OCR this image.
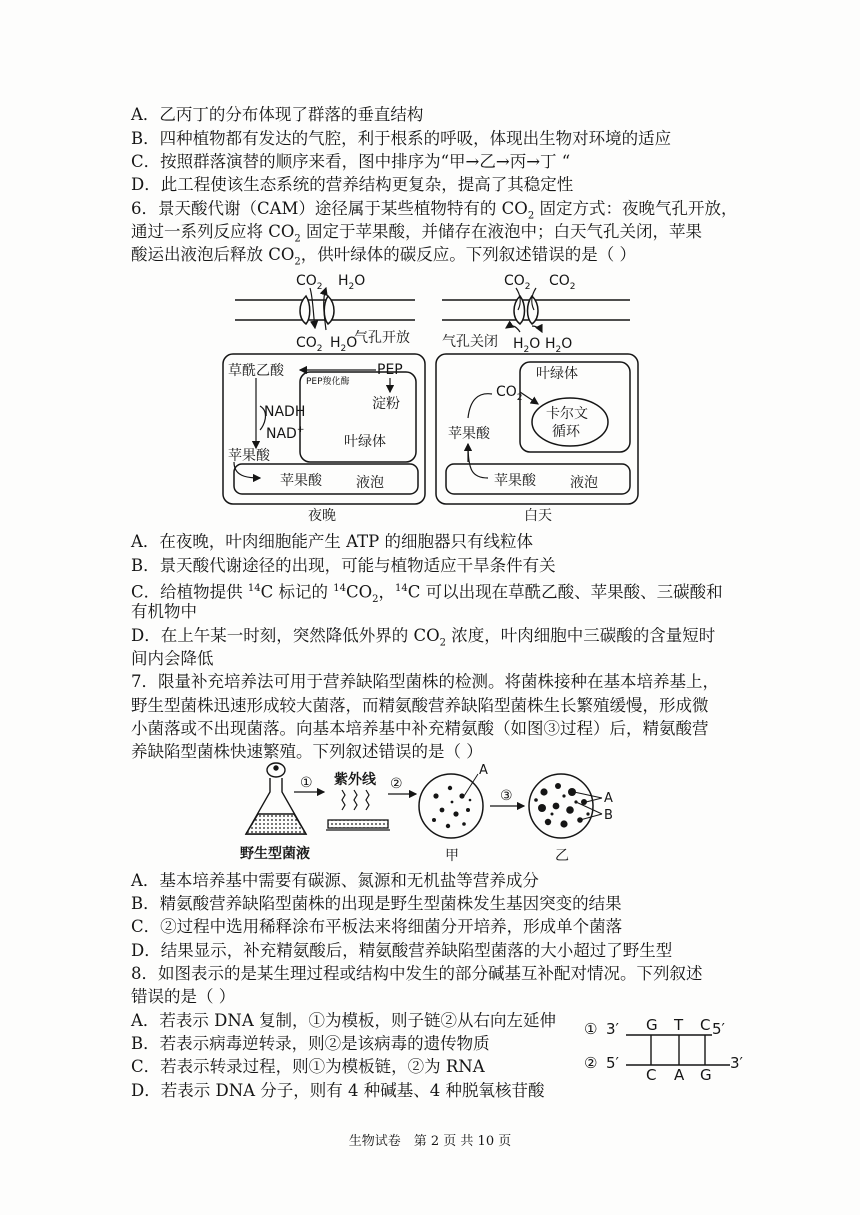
A．乙丙丁的分布体现了群落的垂直结构
B．四种植物都有发达的气腔，利于根系的呼吸，体现出生物对环境的适应
C．按照群落演替的顺序来看，图中排序为“甲→乙→丙→丁 “
D．此工程使该生态系统的营养结构更复杂，提高了其稳定性
6．景天酸代谢（CAM）途径属于某些植物特有的 $CO_2$ 固定方式：夜晚气孔开放，
通过一系列反应将 $CO_2$ 固定于苹果酸，并储存在液泡中；白天气孔关闭，苹果
酸运出液泡后释放 $CO_2$，供叶绿体的碳反应。下列叙述错误的是（ ）
$CO_2$ $H_2O$
$CO_2$ $H_2O$
气孔开放
$CO_2$ $CO_2$
气孔关闭 $H_2O$ $H_2O$
草酰乙酸	PEP
PEP羧化酶
淀粉
NADH
NAD+
叶绿体
苹果酸
苹果酸 液泡
夜晚
叶绿体
$CO_2$
卡尔文
循环
苹果酸
苹果酸 液泡
白天
A．在夜晚，叶肉细胞能产生 ATP 的细胞器只有线粒体
B．景天酸代谢途径的出现，可能与植物适应干旱条件有关
C．给植物提供 $^{14}$C 标记的 $^{14}CO_2$，$^{14}$C 可以出现在草酰乙酸、苹果酸、三碳酸和
有机物中
D．在上午某一时刻，突然降低外界的 $CO_2$ 浓度，叶肉细胞中三碳酸的含量短时
间内会降低
7．限量补充培养法可用于营养缺陷型菌株的检测。将菌株接种在基本培养基上，
野生型菌株迅速形成较大菌落，而精氨酸营养缺陷型菌株生长繁殖缓慢，形成微
小菌落或不出现菌落。向基本培养基中补充精氨酸（如图③过程）后，精氨酸营
养缺陷型菌株快速繁殖。下列叙述错误的是（ ）
野生型菌液
① 紫外线 ②
A
甲
③	A
B
乙
A．基本培养基中需要有碳源、氮源和无机盐等营养成分
B．精氨酸营养缺陷型菌株的出现是野生型菌株发生基因突变的结果
C．②过程中选用稀释涂布平板法来将细菌分开培养，形成单个菌落
D．结果显示，补充精氨酸后，精氨酸营养缺陷型菌落的大小超过了野生型
8．如图表示的是某生理过程或结构中发生的部分碱基互补配对情况。下列叙述
错误的是（ ）
A．若表示 DNA 复制，①为模板，则子链②从右向左延伸
B．若表示病毒逆转录，则②是该病毒的遗传物质
C．若表示转录过程，则①为模板链，②为 RNA
D．若表示 DNA 分子，则有 4 种碱基、4 种脱氧核苷酸
① 3′	5′
② 5′	3′
G T C
C A G
生物试卷　第 2 页 共 10 页
